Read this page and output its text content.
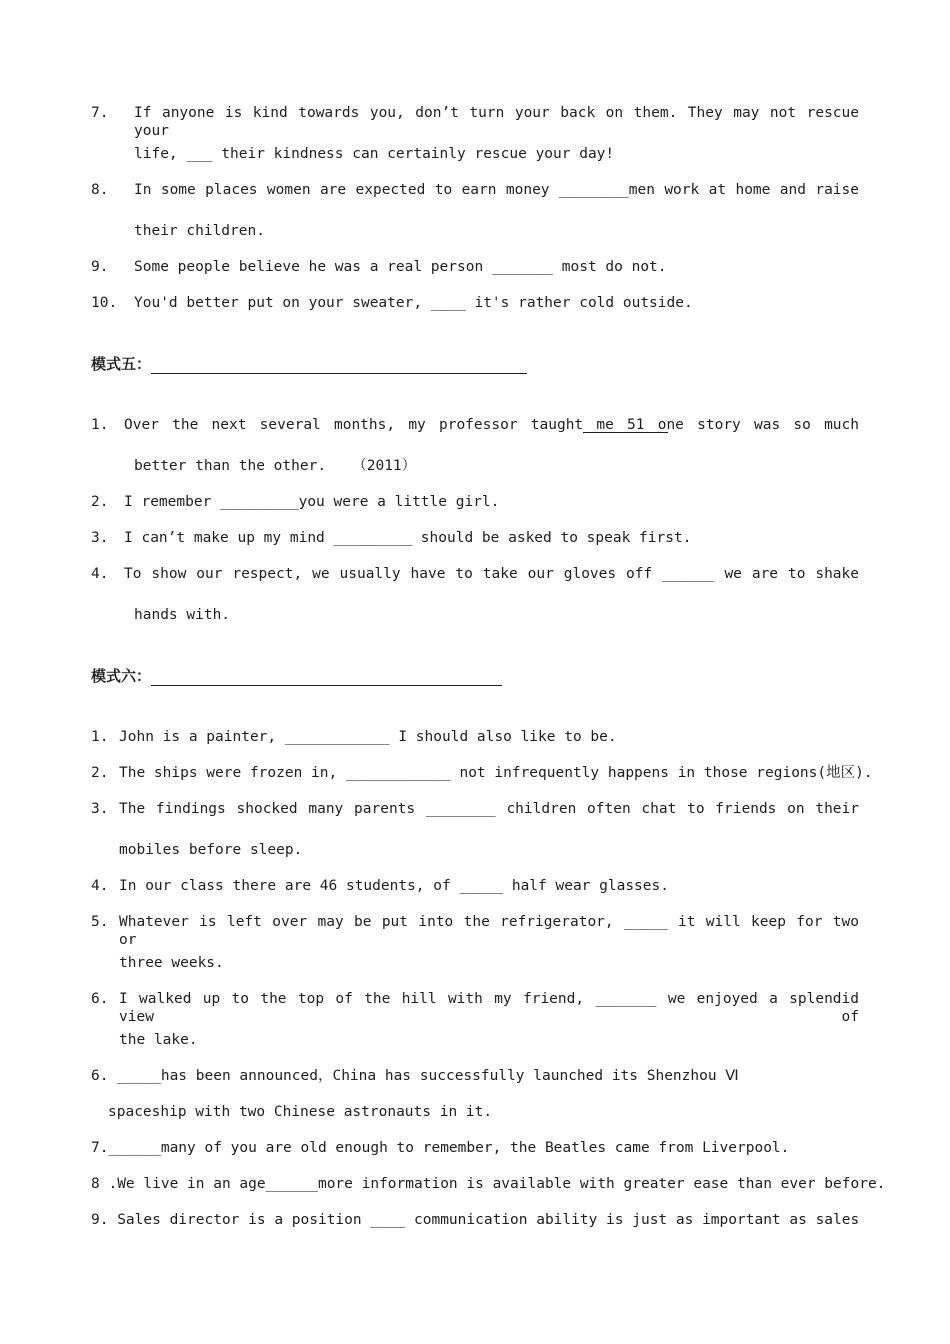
7. If anyone is kind towards you, don’t turn your back on them. They may not rescue your
life, ___ their kindness can certainly rescue your day!
8. In some places women are expected to earn money ________men work at home and raise
their children.
9. Some people believe he was a real person _______ most do not.
10. You'd better put on your sweater, ____ it's rather cold outside.
模式五：
1. Over the next several months, my professor taught me 51 one story was so much
better than the other.   （2011）
2. I remember _________you were a little girl.
3. I can’t make up my mind _________ should be asked to speak first.
4. To show our respect, we usually have to take our gloves off ______ we are to shake
hands with.
模式六：
1. John is a painter, ____________ I should also like to be.
2. The ships were frozen in, ____________ not infrequently happens in those regions(地区).
3. The findings shocked many parents ________ children often chat to friends on their
mobiles before sleep.
4. In our class there are 46 students, of _____ half wear glasses.
5. Whatever is left over may be put into the refrigerator, _____ it will keep for two or
three weeks.
6. I walked up to the top of the hill with my friend, _______ we enjoyed a splendid view of
the lake.
6. _____has been announced，China has successfully launched its Shenzhou Ⅵ
spaceship with two Chinese astronauts in it.
7.______many of you are old enough to remember, the Beatles came from Liverpool.
8 .We live in an age______more information is available with greater ease than ever before.
9. Sales director is a position ____ communication ability is just as important as sales
